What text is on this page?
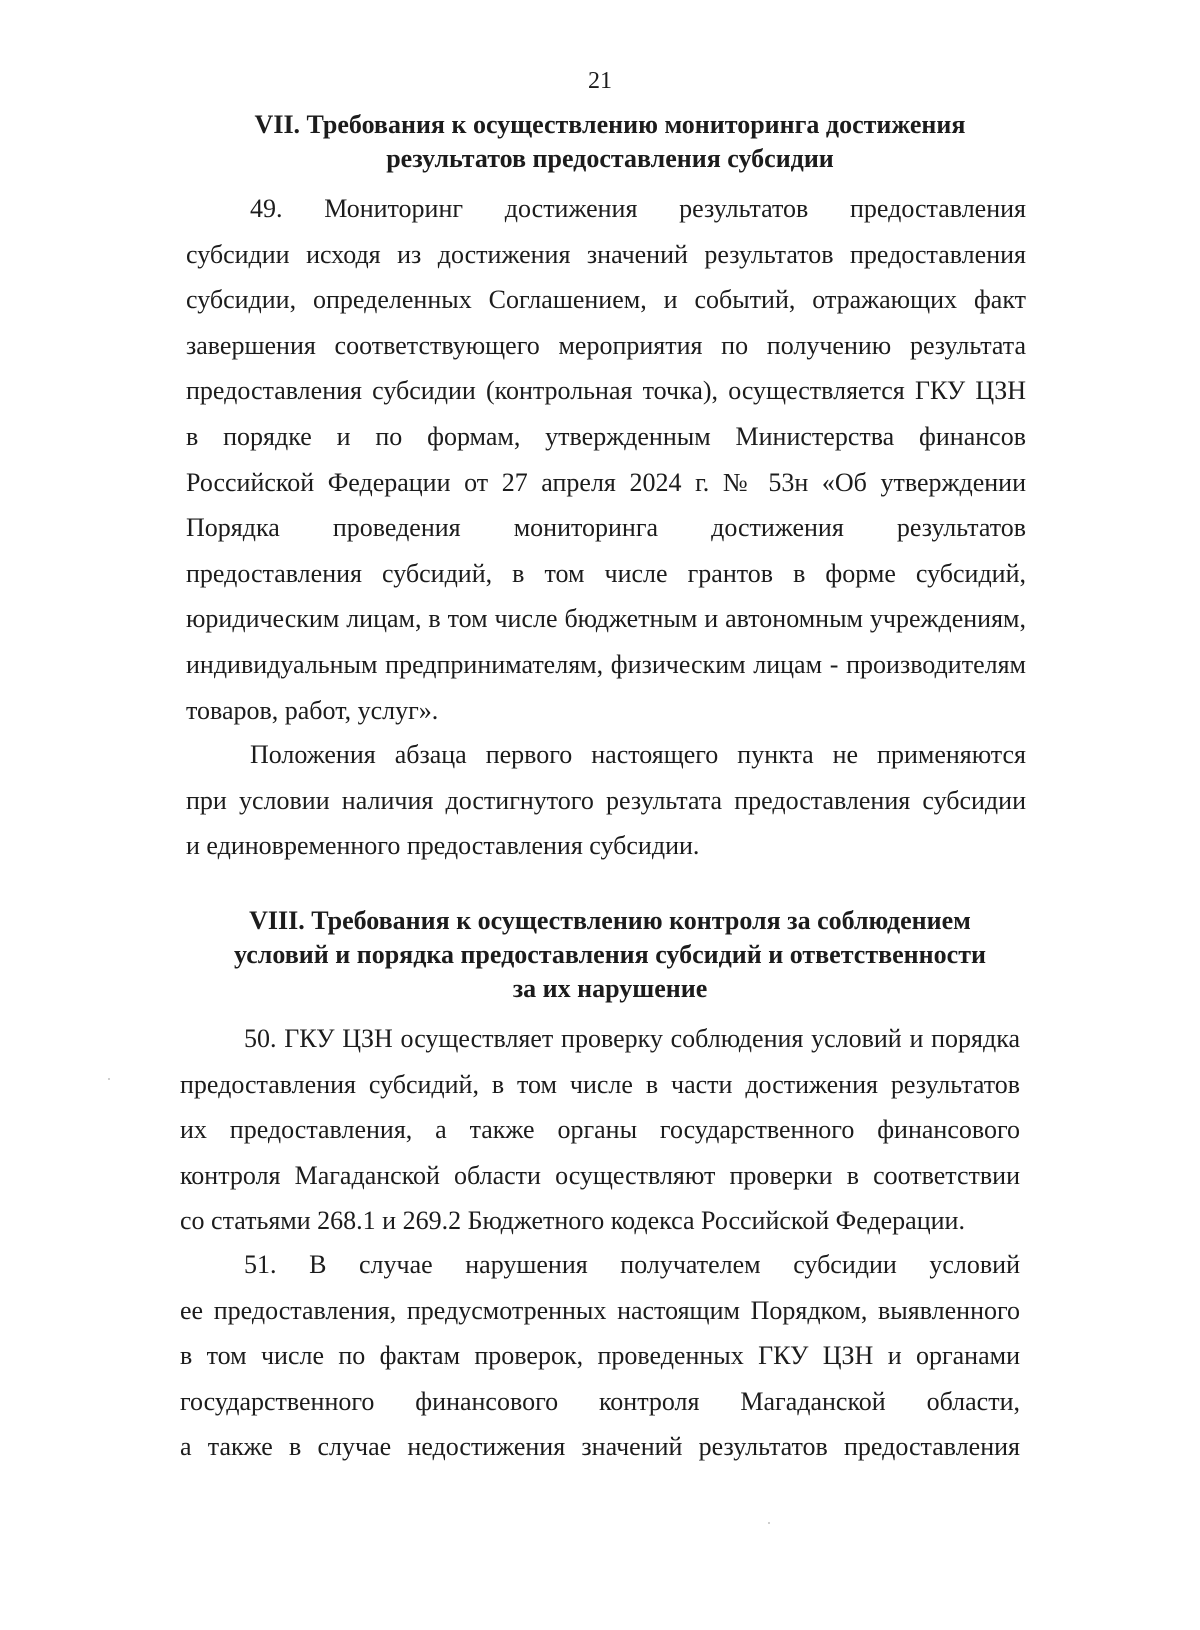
21
VII. Требования к осуществлению мониторинга достижения
результатов предоставления субсидии
49. Мониторинг достижения результатов предоставления
субсидии исходя из достижения значений результатов предоставления
субсидии, определенных Соглашением, и событий, отражающих факт
завершения соответствующего мероприятия по получению результата
предоставления субсидии (контрольная точка), осуществляется ГКУ ЦЗН
в порядке и по формам, утвержденным Министерства финансов
Российской Федерации от 27 апреля 2024 г. № 53н «Об утверждении
Порядка проведения мониторинга достижения результатов
предоставления субсидий, в том числе грантов в форме субсидий,
юридическим лицам, в том числе бюджетным и автономным учреждениям,
индивидуальным предпринимателям, физическим лицам - производителям
товаров, работ, услуг».
Положения абзаца первого настоящего пункта не применяются
при условии наличия достигнутого результата предоставления субсидии
и единовременного предоставления субсидии.
VIII. Требования к осуществлению контроля за соблюдением
условий и порядка предоставления субсидий и ответственности
за их нарушение
50. ГКУ ЦЗН осуществляет проверку соблюдения условий и порядка
предоставления субсидий, в том числе в части достижения результатов
их предоставления, а также органы государственного финансового
контроля Магаданской области осуществляют проверки в соответствии
со статьями 268.1 и 269.2 Бюджетного кодекса Российской Федерации.
51. В случае нарушения получателем субсидии условий
ее предоставления, предусмотренных настоящим Порядком, выявленного
в том числе по фактам проверок, проведенных ГКУ ЦЗН и органами
государственного финансового контроля Магаданской области,
а также в случае недостижения значений результатов предоставления
